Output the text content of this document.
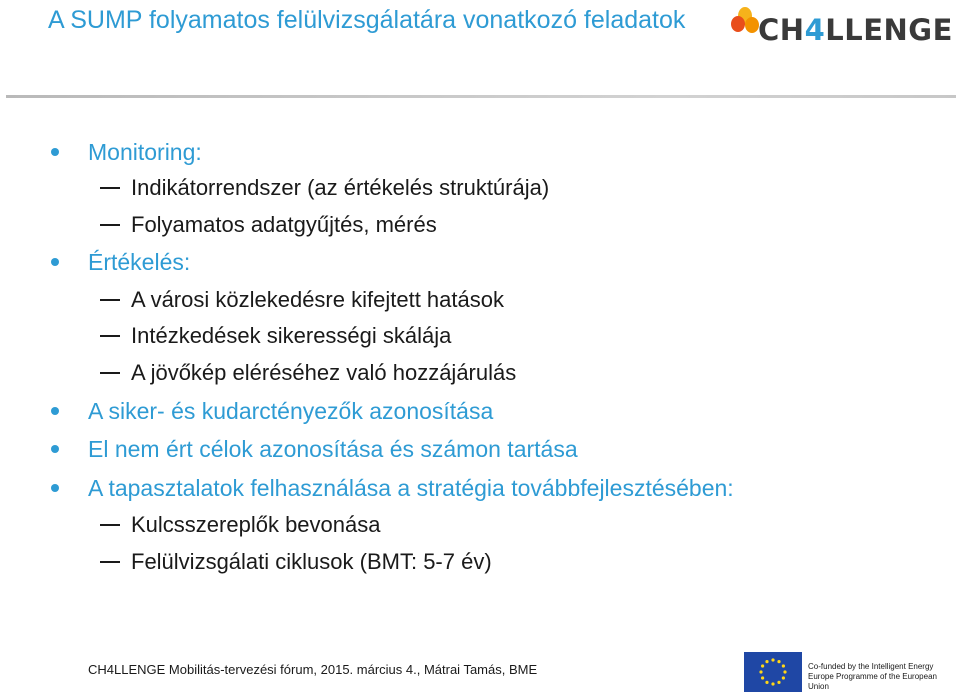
A SUMP folyamatos felülvizsgálatára vonatkozó feladatok	CH4LLENGE
Monitoring:
Indikátorrendszer (az értékelés struktúrája)
Folyamatos adatgyűjtés, mérés
Értékelés:
A városi közlekedésre kifejtett hatások
Intézkedések sikerességi skálája
A jövőkép eléréséhez való hozzájárulás
A siker- és kudarctényezők azonosítása
El nem ért célok azonosítása és számon tartása
A tapasztalatok felhasználása a stratégia továbbfejlesztésében:
Kulcsszereplők bevonása
Felülvizsgálati ciklusok (BMT: 5-7 év)
CH4LLENGE Mobilitás-tervezési fórum, 2015. március 4., Mátrai Tamás, BME	Co-funded by the Intelligent Energy Europe Programme of the European Union
